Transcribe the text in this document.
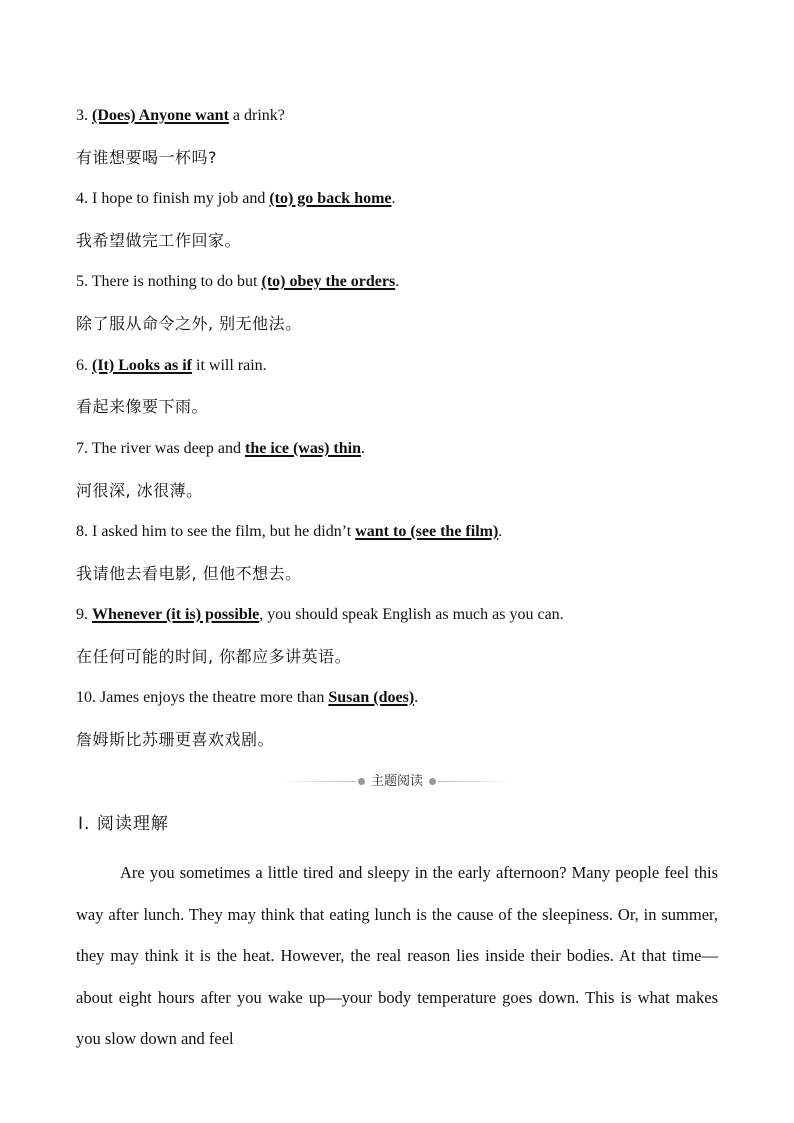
3. (Does) Anyone want a drink?
有谁想要喝一杯吗?
4. I hope to finish my job and (to) go back home.
我希望做完工作回家。
5. There is nothing to do but (to) obey the orders.
除了服从命令之外, 别无他法。
6. (It) Looks as if it will rain.
看起来像要下雨。
7. The river was deep and the ice (was) thin.
河很深, 冰很薄。
8. I asked him to see the film, but he didn’t want to (see the film).
我请他去看电影, 但他不想去。
9. Whenever (it is) possible, you should speak English as much as you can.
在任何可能的时间, 你都应多讲英语。
10. James enjoys the theatre more than Susan (does).
詹姆斯比苏珊更喜欢戏剧。
主题阅读
Ⅰ. 阅读理解
Are you sometimes a little tired and sleepy in the early afternoon? Many people feel this way after lunch. They may think that eating lunch is the cause of the sleepiness. Or, in summer, they may think it is the heat. However, the real reason lies inside their bodies. At that time—about eight hours after you wake up—your body temperature goes down. This is what makes you slow down and feel
